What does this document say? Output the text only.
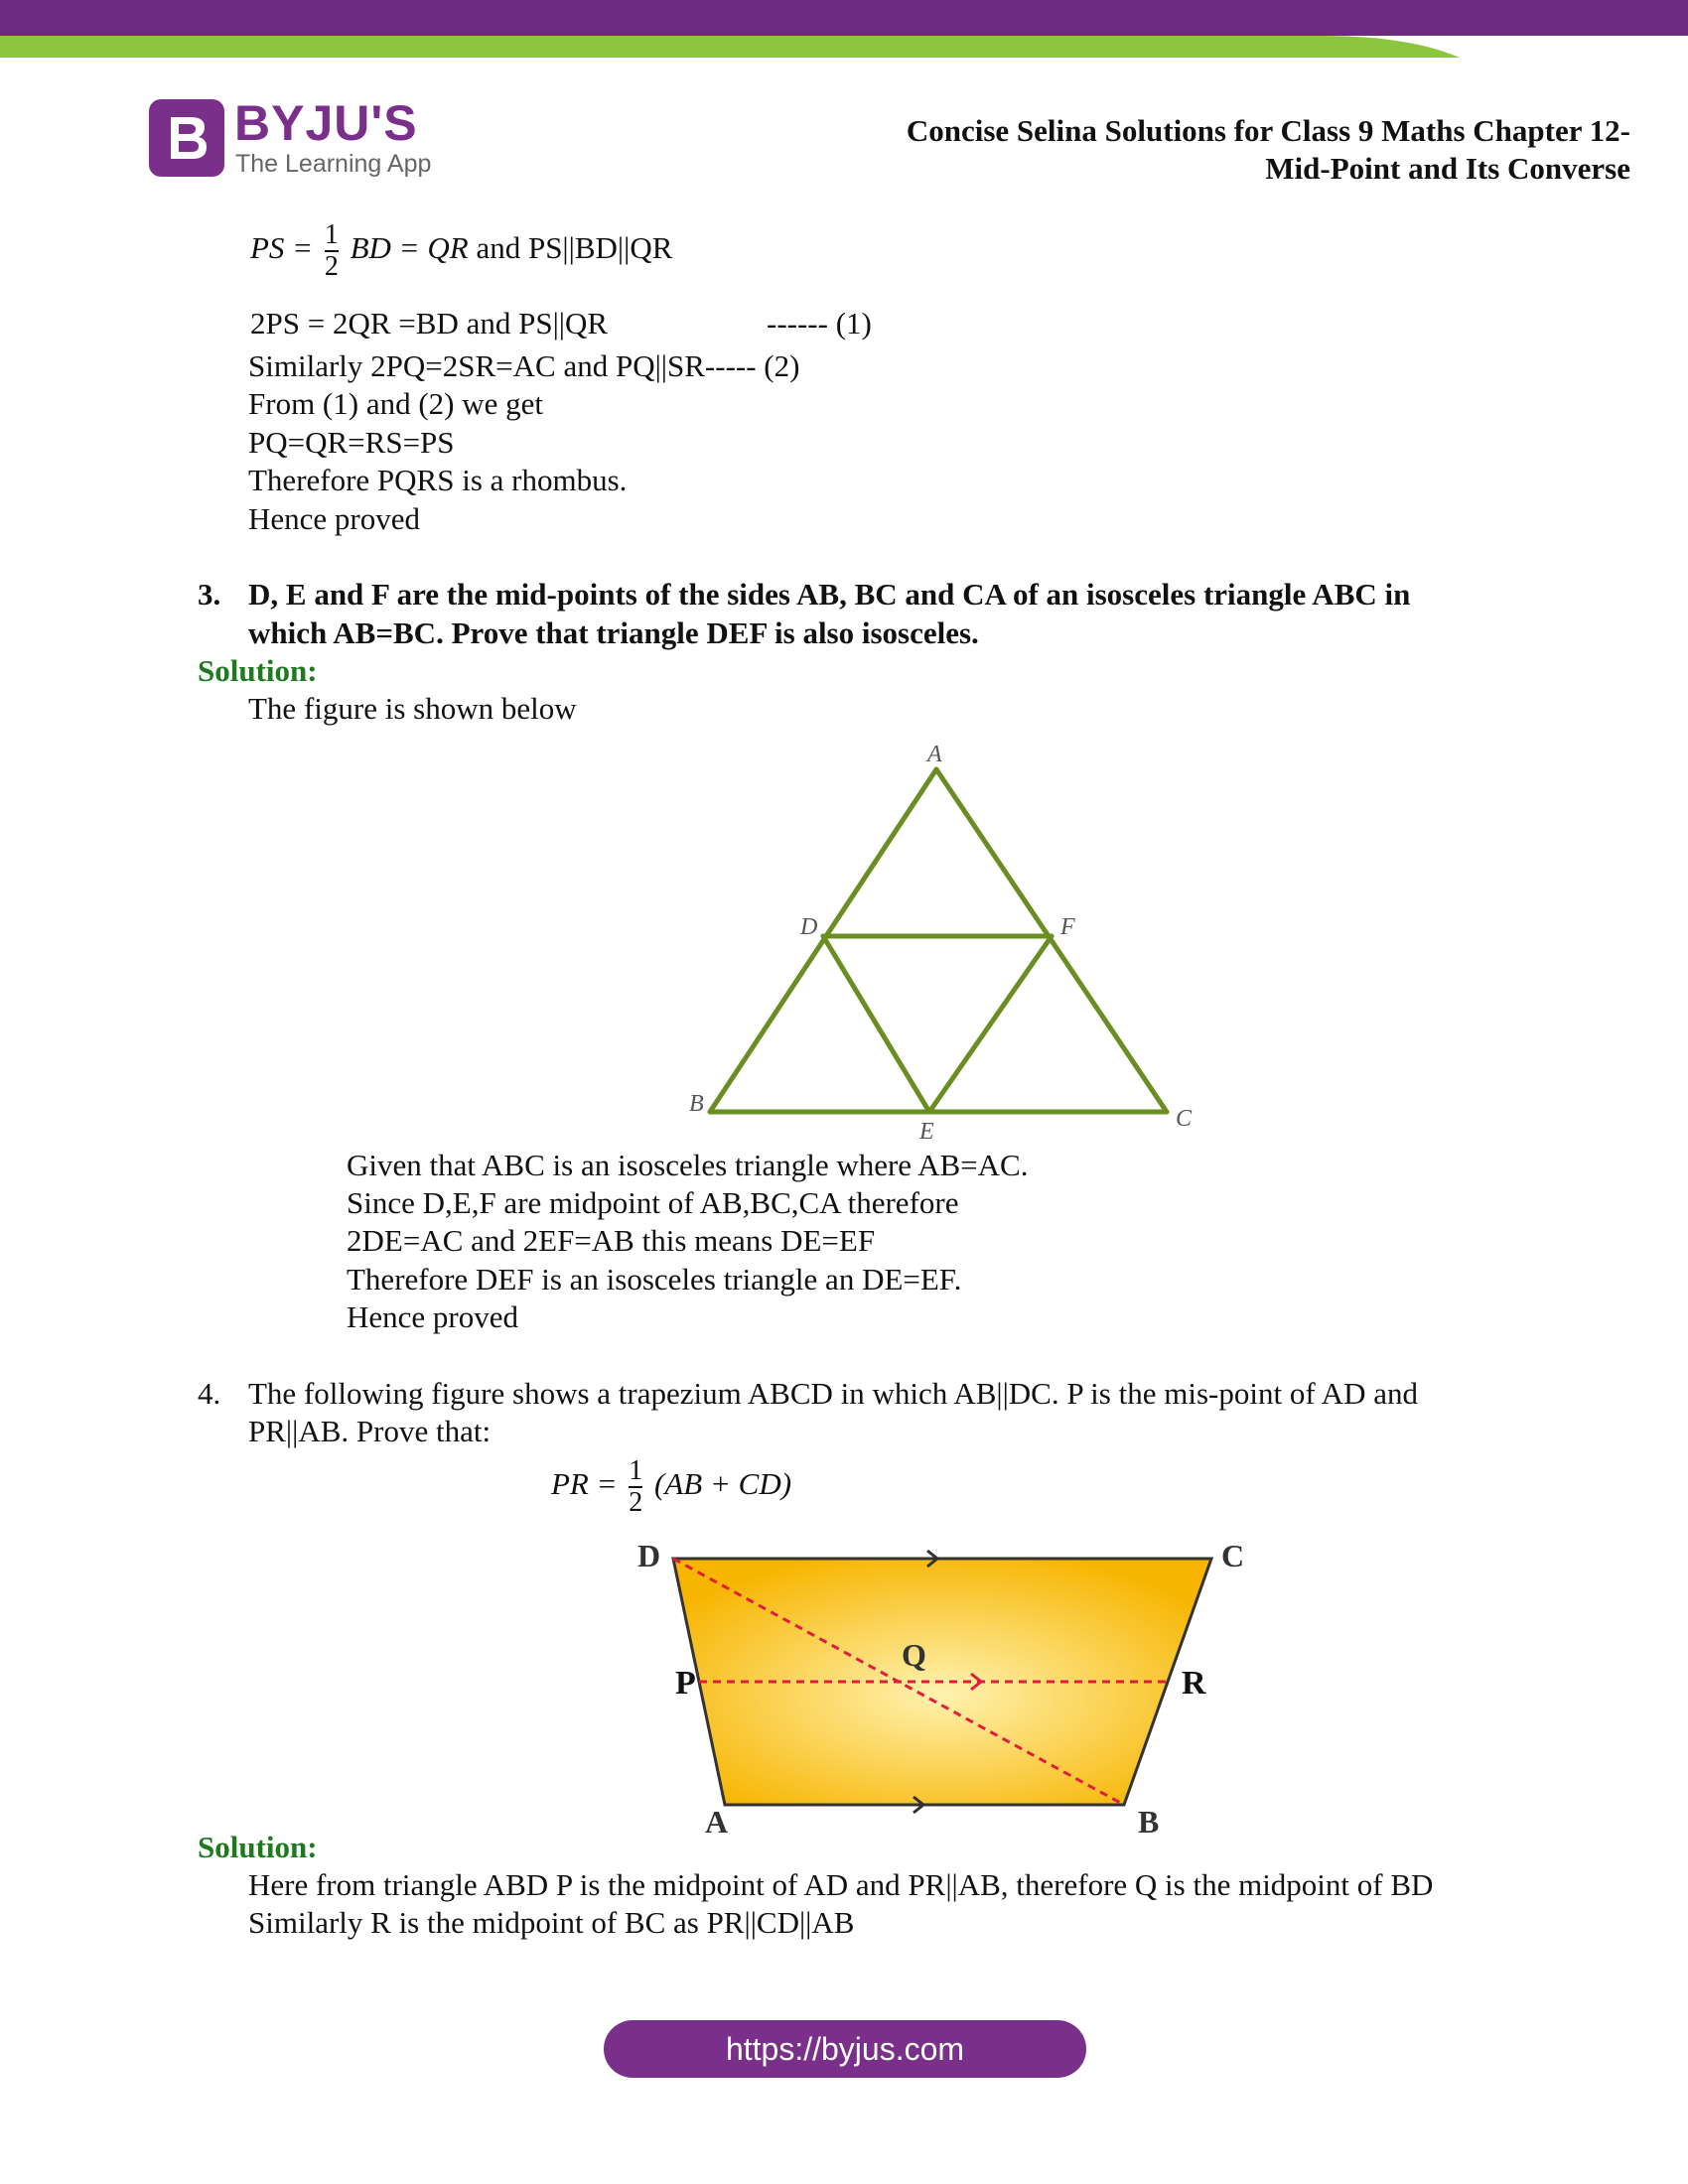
BYJU'S
The Learning App
Concise Selina Solutions for Class 9 Maths Chapter 12-
Mid-Point and Its Converse
PS = $\frac{1}{2}$ BD = QR and PS||BD||QR
2PS = 2QR =BD and PS||QR	------ (1)
Similarly 2PQ=2SR=AC and PQ||SR----- (2)
From (1) and (2) we get
PQ=QR=RS=PS
Therefore PQRS is a rhombus.
Hence proved
3. D, E and F are the mid-points of the sides AB, BC and CA of an isosceles triangle ABC in
which AB=BC. Prove that triangle DEF is also isosceles.
Solution:
The figure is shown below
A
D	F
B
E	C
Given that ABC is an isosceles triangle where AB=AC.
Since D,E,F are midpoint of AB,BC,CA therefore
2DE=AC and 2EF=AB this means DE=EF
Therefore DEF is an isosceles triangle an DE=EF.
Hence proved
4. The following figure shows a trapezium ABCD in which AB||DC. P is the mis-point of AD and
PR||AB. Prove that:
PR = $\frac{1}{2} (AB + CD)$
D	C
Q
A	B
P	R
Solution:
Here from triangle ABD P is the midpoint of AD and PR||AB, therefore Q is the midpoint of BD
Similarly R is the midpoint of BC as PR||CD||AB
https://byjus.com
